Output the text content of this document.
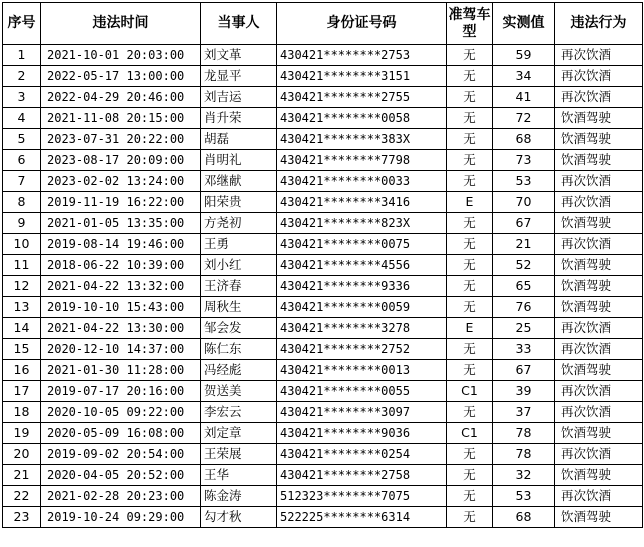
序号	违法时间	当事人	身份证号码	准驾车型	实测值	违法行为
1	2021-10-01 20:03:00	刘文革	430421********2753	无	59	再次饮酒
2	2022-05-17 13:00:00	龙显平	430421********3151	无	34	再次饮酒
3	2022-04-29 20:46:00	刘吉运	430421********2755	无	41	再次饮酒
4	2021-11-08 20:15:00	肖升荣	430421********0058	无	72	饮酒驾驶
5	2023-07-31 20:22:00	胡磊	430421********383X	无	68	饮酒驾驶
6	2023-08-17 20:09:00	肖明礼	430421********7798	无	73	饮酒驾驶
7	2023-02-02 13:24:00	邓继献	430421********0033	无	53	再次饮酒
8	2019-11-19 16:22:00	阳荣贵	430421********3416	E	70	再次饮酒
9	2021-01-05 13:35:00	方尧初	430421********823X	无	67	饮酒驾驶
10	2019-08-14 19:46:00	王勇	430421********0075	无	21	再次饮酒
11	2018-06-22 10:39:00	刘小红	430421********4556	无	52	饮酒驾驶
12	2021-04-22 13:32:00	王济春	430421********9336	无	65	饮酒驾驶
13	2019-10-10 15:43:00	周秋生	430421********0059	无	76	饮酒驾驶
14	2021-04-22 13:30:00	邹会发	430421********3278	E	25	再次饮酒
15	2020-12-10 14:37:00	陈仁东	430421********2752	无	33	再次饮酒
16	2021-01-30 11:28:00	冯经彪	430421********0013	无	67	饮酒驾驶
17	2019-07-17 20:16:00	贺送美	430421********0055	C1	39	再次饮酒
18	2020-10-05 09:22:00	李宏云	430421********3097	无	37	再次饮酒
19	2020-05-09 16:08:00	刘定章	430421********9036	C1	78	饮酒驾驶
20	2019-09-02 20:54:00	王荣展	430421********0254	无	78	再次饮酒
21	2020-04-05 20:52:00	王华	430421********2758	无	32	饮酒驾驶
22	2021-02-28 20:23:00	陈金涛	512323********7075	无	53	再次饮酒
23	2019-10-24 09:29:00	勾才秋	522225********6314	无	68	饮酒驾驶
